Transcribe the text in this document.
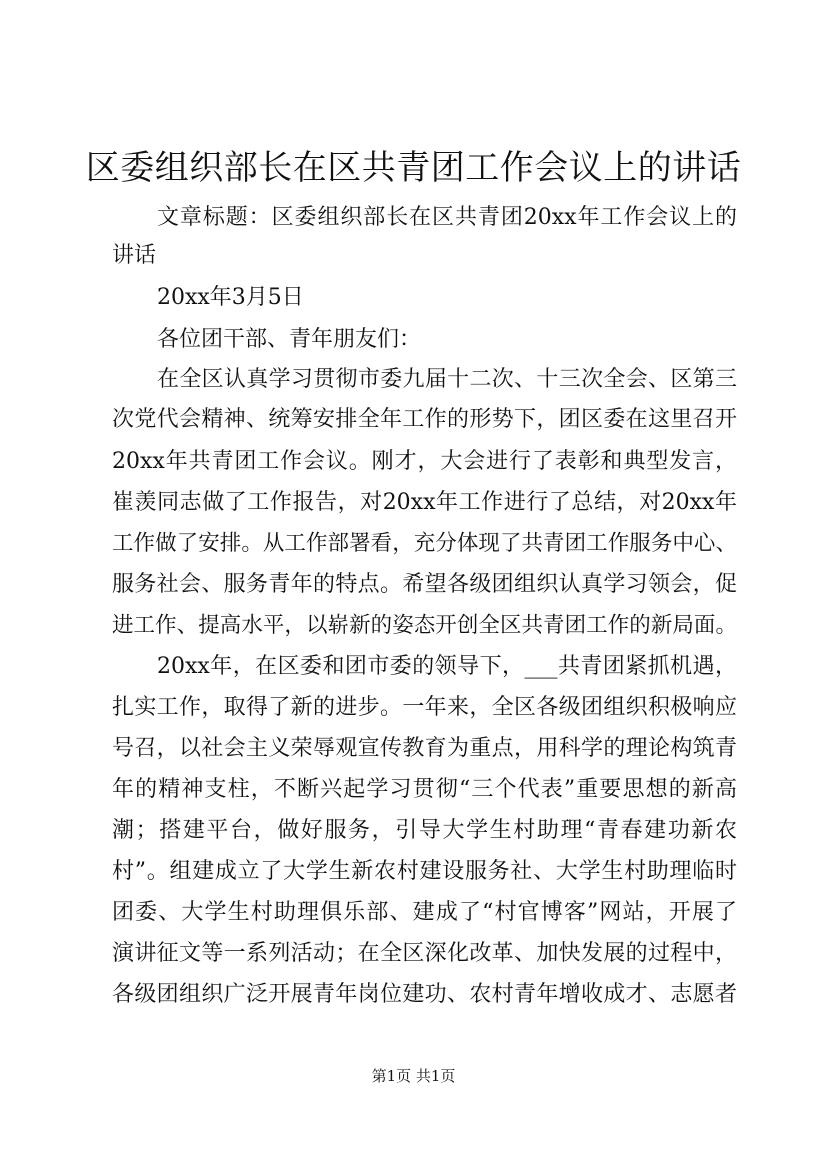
区委组织部长在区共青团工作会议上的讲话
文章标题：区委组织部长在区共青团20xx年工作会议上的
讲话
20xx年3月5日
各位团干部、青年朋友们：
在全区认真学习贯彻市委九届十二次、十三次全会、区第三
次党代会精神、统筹安排全年工作的形势下，团区委在这里召开
20xx年共青团工作会议。刚才，大会进行了表彰和典型发言，
崔羡同志做了工作报告，对20xx年工作进行了总结，对20xx年
工作做了安排。从工作部署看，充分体现了共青团工作服务中心、
服务社会、服务青年的特点。希望各级团组织认真学习领会，促
进工作、提高水平，以崭新的姿态开创全区共青团工作的新局面。
20xx年，在区委和团市委的领导下，___共青团紧抓机遇，
扎实工作，取得了新的进步。一年来，全区各级团组织积极响应
号召，以社会主义荣辱观宣传教育为重点，用科学的理论构筑青
年的精神支柱，不断兴起学习贯彻“三个代表”重要思想的新高
潮；搭建平台，做好服务，引导大学生村助理“青春建功新农
村”。组建成立了大学生新农村建设服务社、大学生村助理临时
团委、大学生村助理俱乐部、建成了“村官博客”网站，开展了
演讲征文等一系列活动；在全区深化改革、加快发展的过程中，
各级团组织广泛开展青年岗位建功、农村青年增收成才、志愿者
第1页 共1页
